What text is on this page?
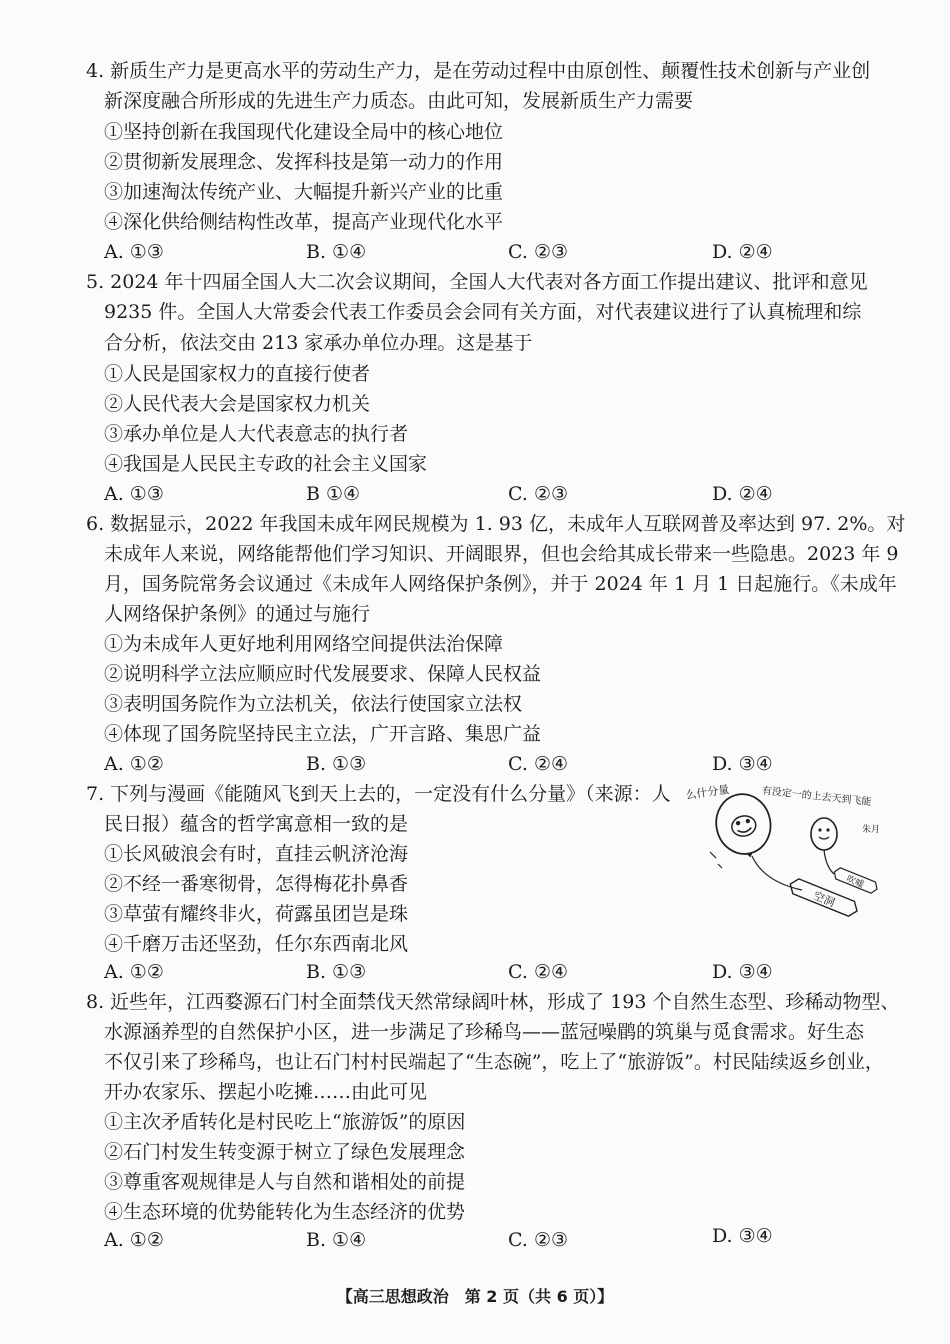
4. 新质生产力是更高水平的劳动生产力，是在劳动过程中由原创性、颠覆性技术创新与产业创
新深度融合所形成的先进生产力质态。由此可知，发展新质生产力需要
①坚持创新在我国现代化建设全局中的核心地位
②贯彻新发展理念、发挥科技是第一动力的作用
③加速淘汰传统产业、大幅提升新兴产业的比重
④深化供给侧结构性改革，提高产业现代化水平
A. ①③	B. ①④	C. ②③	D. ②④
5. 2024 年十四届全国人大二次会议期间，全国人大代表对各方面工作提出建议、批评和意见
9235 件。全国人大常委会代表工作委员会会同有关方面，对代表建议进行了认真梳理和综
合分析，依法交由 213 家承办单位办理。这是基于
①人民是国家权力的直接行使者
②人民代表大会是国家权力机关
③承办单位是人大代表意志的执行者
④我国是人民民主专政的社会主义国家
A. ①③	B ①④	C. ②③	D. ②④
6. 数据显示，2022 年我国未成年网民规模为 1. 93 亿，未成年人互联网普及率达到 97. 2%。对
未成年人来说，网络能帮他们学习知识、开阔眼界，但也会给其成长带来一些隐患。2023 年 9
月，国务院常务会议通过《未成年人网络保护条例》，并于 2024 年 1 月 1 日起施行。《未成年
人网络保护条例》的通过与施行
①为未成年人更好地利用网络空间提供法治保障
②说明科学立法应顺应时代发展要求、保障人民权益
③表明国务院作为立法机关，依法行使国家立法权
④体现了国务院坚持民主立法，广开言路、集思广益
A. ①②	B. ①③	C. ②④	D. ③④
7. 下列与漫画《能随风飞到天上去的，一定没有什么分量》（来源：人
民日报）蕴含的哲学寓意相一致的是
①长风破浪会有时，直挂云帆济沧海
②不经一番寒彻骨，怎得梅花扑鼻香
③草萤有耀终非火，荷露虽团岂是珠
④千磨万击还坚劲，任尔东西南北风
A. ①②	B. ①③	C. ②④	D. ③④
么什分量	有没定一的上去天到飞能
朱月
空洞
吹嘘
8. 近些年，江西婺源石门村全面禁伐天然常绿阔叶林，形成了 193 个自然生态型、珍稀动物型、
水源涵养型的自然保护小区，进一步满足了珍稀鸟——蓝冠噪鹛的筑巢与觅食需求。好生态
不仅引来了珍稀鸟，也让石门村村民端起了“生态碗”，吃上了“旅游饭”。村民陆续返乡创业，
开办农家乐、摆起小吃摊……由此可见
①主次矛盾转化是村民吃上“旅游饭”的原因
②石门村发生转变源于树立了绿色发展理念
③尊重客观规律是人与自然和谐相处的前提
④生态环境的优势能转化为生态经济的优势
A. ①②	B. ①④	C. ②③	D. ③④
【高三思想政治　第 2 页（共 6 页）】
